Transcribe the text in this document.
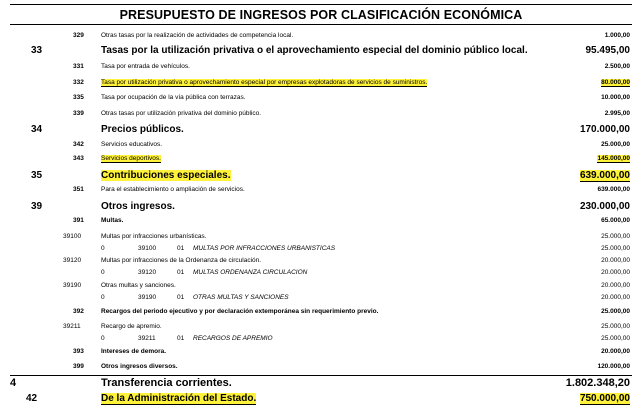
PRESUPUESTO DE INGRESOS POR CLASIFICACIÓN ECONÓMICA
329	Otras tasas por la realización de actividades de competencia local.	1.000,00
33	Tasas por la utilización privativa o el aprovechamiento especial del dominio público local.	95.495,00
331	Tasa por entrada de vehículos.	2.500,00
332	Tasa por utilización privativa o aprovechamiento especial por empresas explotadoras de servicios de suministros.	80.000,00
335	Tasa por ocupación de la vía pública con terrazas.	10.000,00
339	Otras tasas por utilización privativa del dominio público.	2.995,00
34	Precios públicos.	170.000,00
342	Servicios educativos.	25.000,00
343	Servicios deportivos.	145.000,00
35	Contribuciones especiales.	639.000,00
351	Para el establecimiento o ampliación de servicios.	639.000,00
39	Otros ingresos.	230.000,00
391	Multas.	65.000,00
39100	Multas por infracciones urbanísticas.	25.000,00
0	39100	01 MULTAS POR INFRACCIONES URBANISTICAS	25.000,00
39120	Multas por infracciones de la Ordenanza de circulación.	20.000,00
0	39120	01 MULTAS ORDENANZA CIRCULACION	20.000,00
39190	Otras multas y sanciones.	20.000,00
0	39190	01 OTRAS MULTAS Y SANCIONES	20.000,00
392	Recargos del periodo ejecutivo y por declaración extemporánea sin requerimiento previo.	25.000,00
39211	Recargo de apremio.	25.000,00
0	39211	01 RECARGOS DE APREMIO	25.000,00
393	Intereses de demora.	20.000,00
399	Otros ingresos diversos.	120.000,00
4	Transferencia corrientes.	1.802.348,20
42	De la Administración del Estado.	750.000,00
